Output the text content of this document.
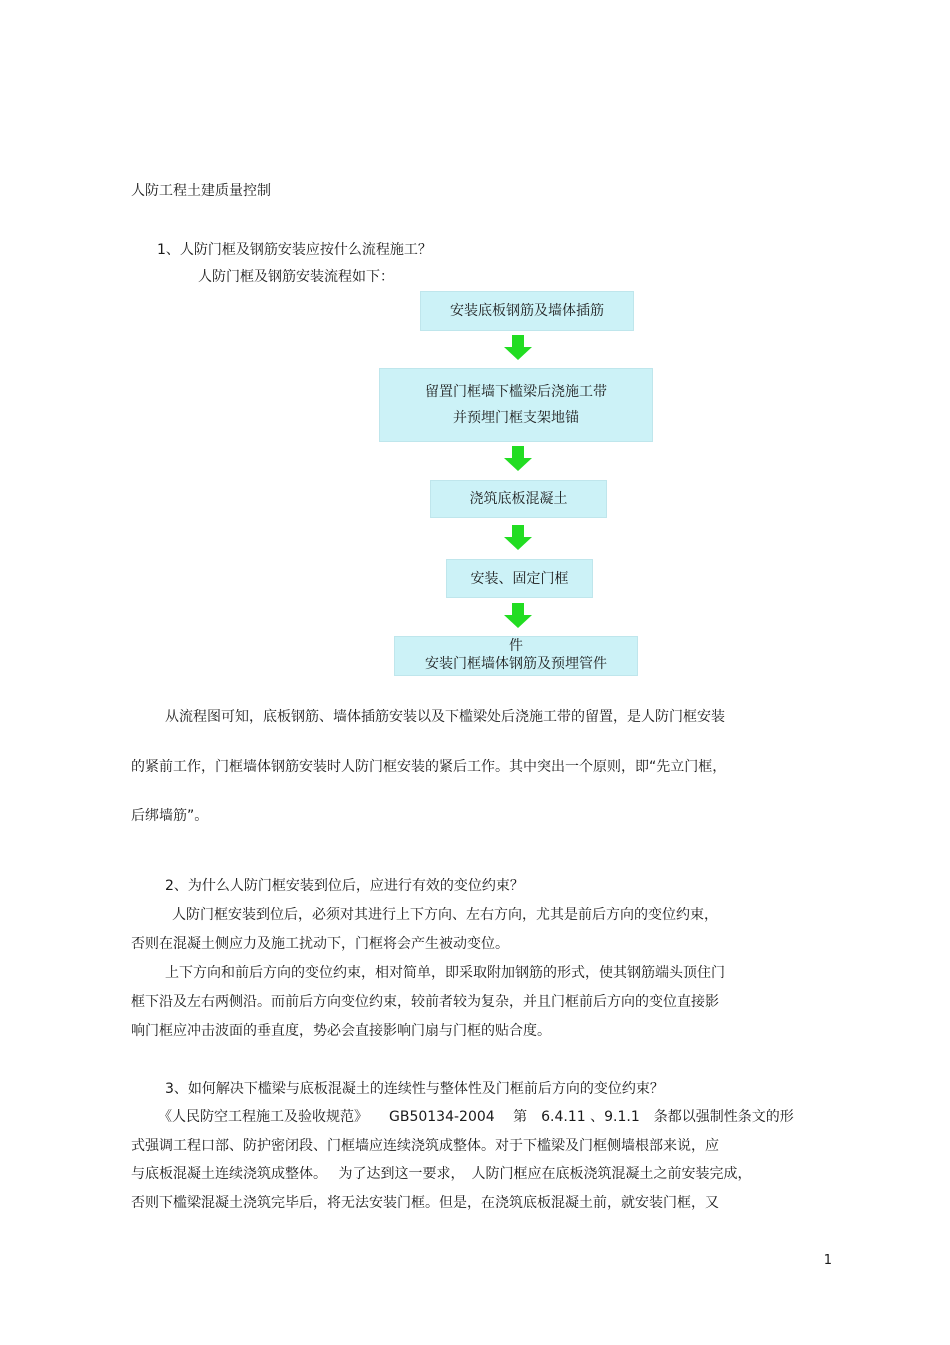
人防工程土建质量控制
1、人防门框及钢筋安装应按什么流程施工？
人防门框及钢筋安装流程如下：
安装底板钢筋及墙体插筋
留置门框墙下槛梁后浇施工带
并预埋门框支架地锚
浇筑底板混凝土
安装、固定门框
件
安装门框墙体钢筋及预埋管件
从流程图可知，底板钢筋、墙体插筋安装以及下槛梁处后浇施工带的留置，是人防门框安装
的紧前工作，门框墙体钢筋安装时人防门框安装的紧后工作。其中突出一个原则，即“先立门框，
后绑墙筋”。
2、为什么人防门框安装到位后，应进行有效的变位约束？
人防门框安装到位后，必须对其进行上下方向、左右方向，尤其是前后方向的变位约束，
否则在混凝土侧应力及施工扰动下，门框将会产生被动变位。
上下方向和前后方向的变位约束，相对简单，即采取附加钢筋的形式，使其钢筋端头顶住门
框下沿及左右两侧沿。而前后方向变位约束，较前者较为复杂，并且门框前后方向的变位直接影
响门框应冲击波面的垂直度，势必会直接影响门扇与门框的贴合度。
3、如何解决下槛梁与底板混凝土的连续性与整体性及门框前后方向的变位约束？
《人民防空工程施工及验收规范》　　GB50134-2004　 第　6.4.11 、9.1.1　条都以强制性条文的形
式强调工程口部、防护密闭段、门框墙应连续浇筑成整体。对于下槛梁及门框侧墙根部来说，应
与底板混凝土连续浇筑成整体。　 为了达到这一要求，　人防门框应在底板浇筑混凝土之前安装完成，
否则下槛梁混凝土浇筑完毕后，将无法安装门框。但是，在浇筑底板混凝土前，就安装门框，又
1
